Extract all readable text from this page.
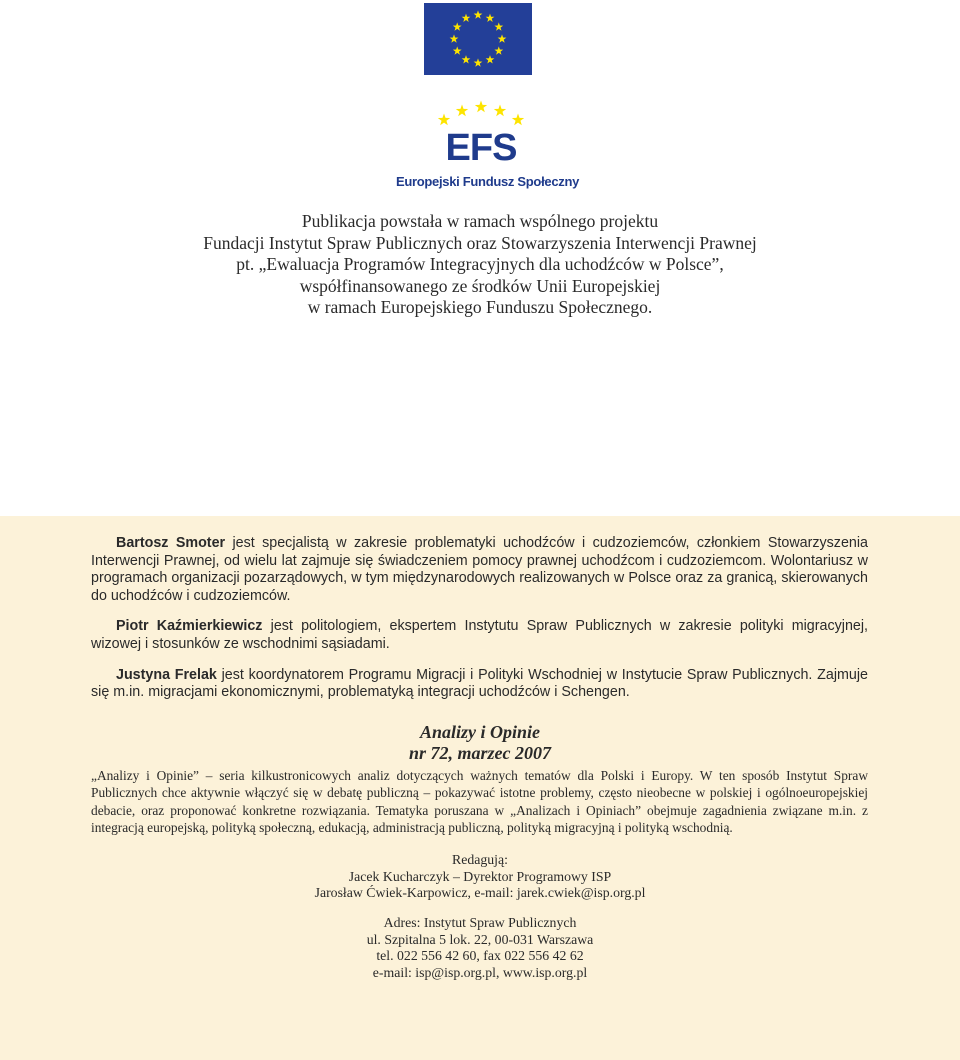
EFS
Europejski Fundusz Społeczny
Publikacja powstała w ramach wspólnego projektu
Fundacji Instytut Spraw Publicznych oraz Stowarzyszenia Interwencji Prawnej
pt. „Ewaluacja Programów Integracyjnych dla uchodźców w Polsce”,
współfinansowanego ze środków Unii Europejskiej
w ramach Europejskiego Funduszu Społecznego.

Bartosz Smoter jest specjalistą w zakresie problematyki uchodźców i cudzoziemców, członkiem Stowarzyszenia Interwencji Prawnej, od wielu lat zajmuje się świadczeniem pomocy prawnej uchodźcom i cudzoziemcom. Wolontariusz w programach organizacji pozarządowych, w tym międzynarodowych realizowanych w Polsce oraz za granicą, skierowanych do uchodźców i cudzoziemców.

Piotr Kaźmierkiewicz jest politologiem, ekspertem Instytutu Spraw Publicznych w zakresie polityki migracyjnej, wizowej i stosunków ze wschodnimi sąsiadami.

Justyna Frelak jest koordynatorem Programu Migracji i Polityki Wschodniej w Instytucie Spraw Publicznych. Zajmuje się m.in. migracjami ekonomicznymi, problematyką integracji uchodźców i Schengen.

Analizy i Opinie
nr 72, marzec 2007
„Analizy i Opinie” – seria kilkustronicowych analiz dotyczących ważnych tematów dla Polski i Europy. W ten sposób Instytut Spraw Publicznych chce aktywnie włączyć się w debatę publiczną – pokazywać istotne problemy, często nieobecne w polskiej i ogólnoeuropejskiej debacie, oraz proponować konkretne rozwiązania. Tematyka poruszana w „Analizach i Opiniach” obejmuje zagadnienia związane m.in. z integracją europejską, polityką społeczną, edukacją, administracją publiczną, polityką migracyjną i polityką wschodnią.
Redagują:
Jacek Kucharczyk – Dyrektor Programowy ISP
Jarosław Ćwiek-Karpowicz, e-mail: jarek.cwiek@isp.org.pl
Adres: Instytut Spraw Publicznych
ul. Szpitalna 5 lok. 22, 00-031 Warszawa
tel. 022 556 42 60, fax 022 556 42 62
e-mail: isp@isp.org.pl, www.isp.org.pl
